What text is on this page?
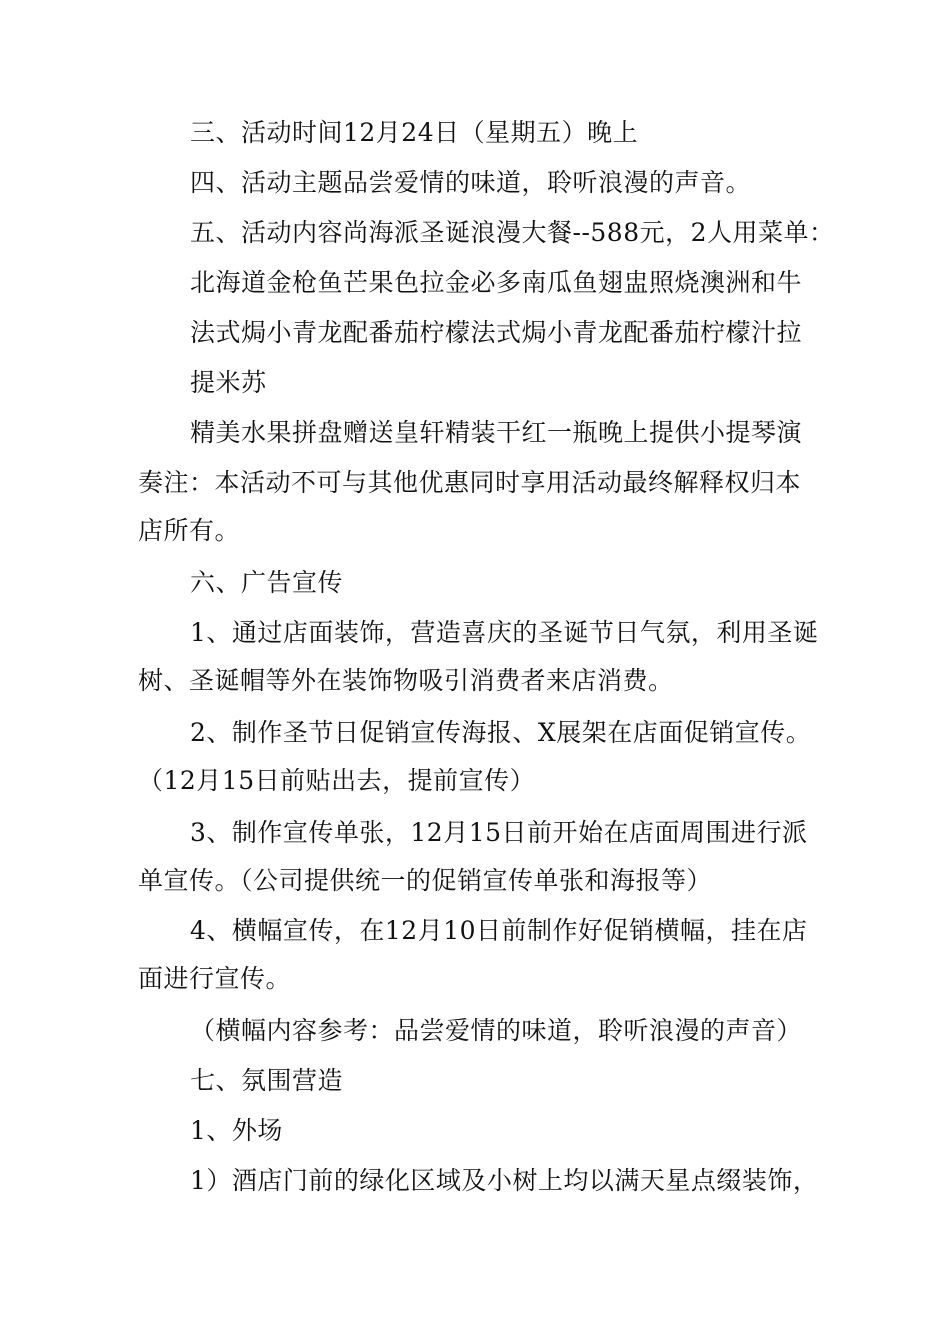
三、活动时间12月24日（星期五）晚上
四、活动主题品尝爱情的味道，聆听浪漫的声音。
五、活动内容尚海派圣诞浪漫大餐--588元，2人用菜单：
北海道金枪鱼芒果色拉金必多南瓜鱼翅盅照烧澳洲和牛
法式焗小青龙配番茄柠檬法式焗小青龙配番茄柠檬汁拉
提米苏
精美水果拼盘赠送皇轩精装干红一瓶晚上提供小提琴演
奏注：本活动不可与其他优惠同时享用活动最终解释权归本
店所有。
六、广告宣传
1、通过店面装饰，营造喜庆的圣诞节日气氛，利用圣诞
树、圣诞帽等外在装饰物吸引消费者来店消费。
2、制作圣节日促销宣传海报、X展架在店面促销宣传。
（12月15日前贴出去，提前宣传）
3、制作宣传单张，12月15日前开始在店面周围进行派
单宣传。（公司提供统一的促销宣传单张和海报等）
4、横幅宣传，在12月10日前制作好促销横幅，挂在店
面进行宣传。
（横幅内容参考：品尝爱情的味道，聆听浪漫的声音）
七、氛围营造
1、外场
1）酒店门前的绿化区域及小树上均以满天星点缀装饰，
